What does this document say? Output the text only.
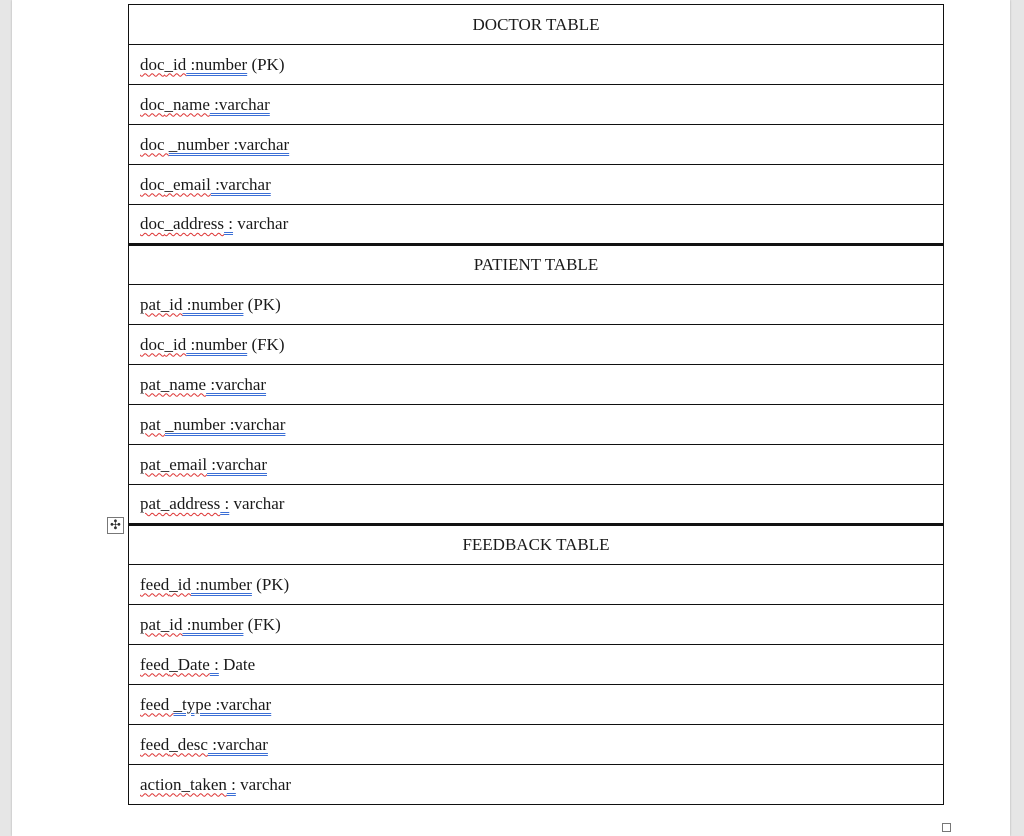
DOCTOR TABLE
doc_id :number (PK)
doc_name :varchar
doc _number :varchar
doc_email :varchar
doc_address : varchar
PATIENT TABLE
pat_id :number (PK)
doc_id :number (FK)
pat_name :varchar
pat _number :varchar
pat_email :varchar
pat_address : varchar
FEEDBACK TABLE
feed_id :number (PK)
pat_id :number (FK)
feed_Date : Date
feed _type :varchar
feed_desc :varchar
action_taken : varchar
✣
